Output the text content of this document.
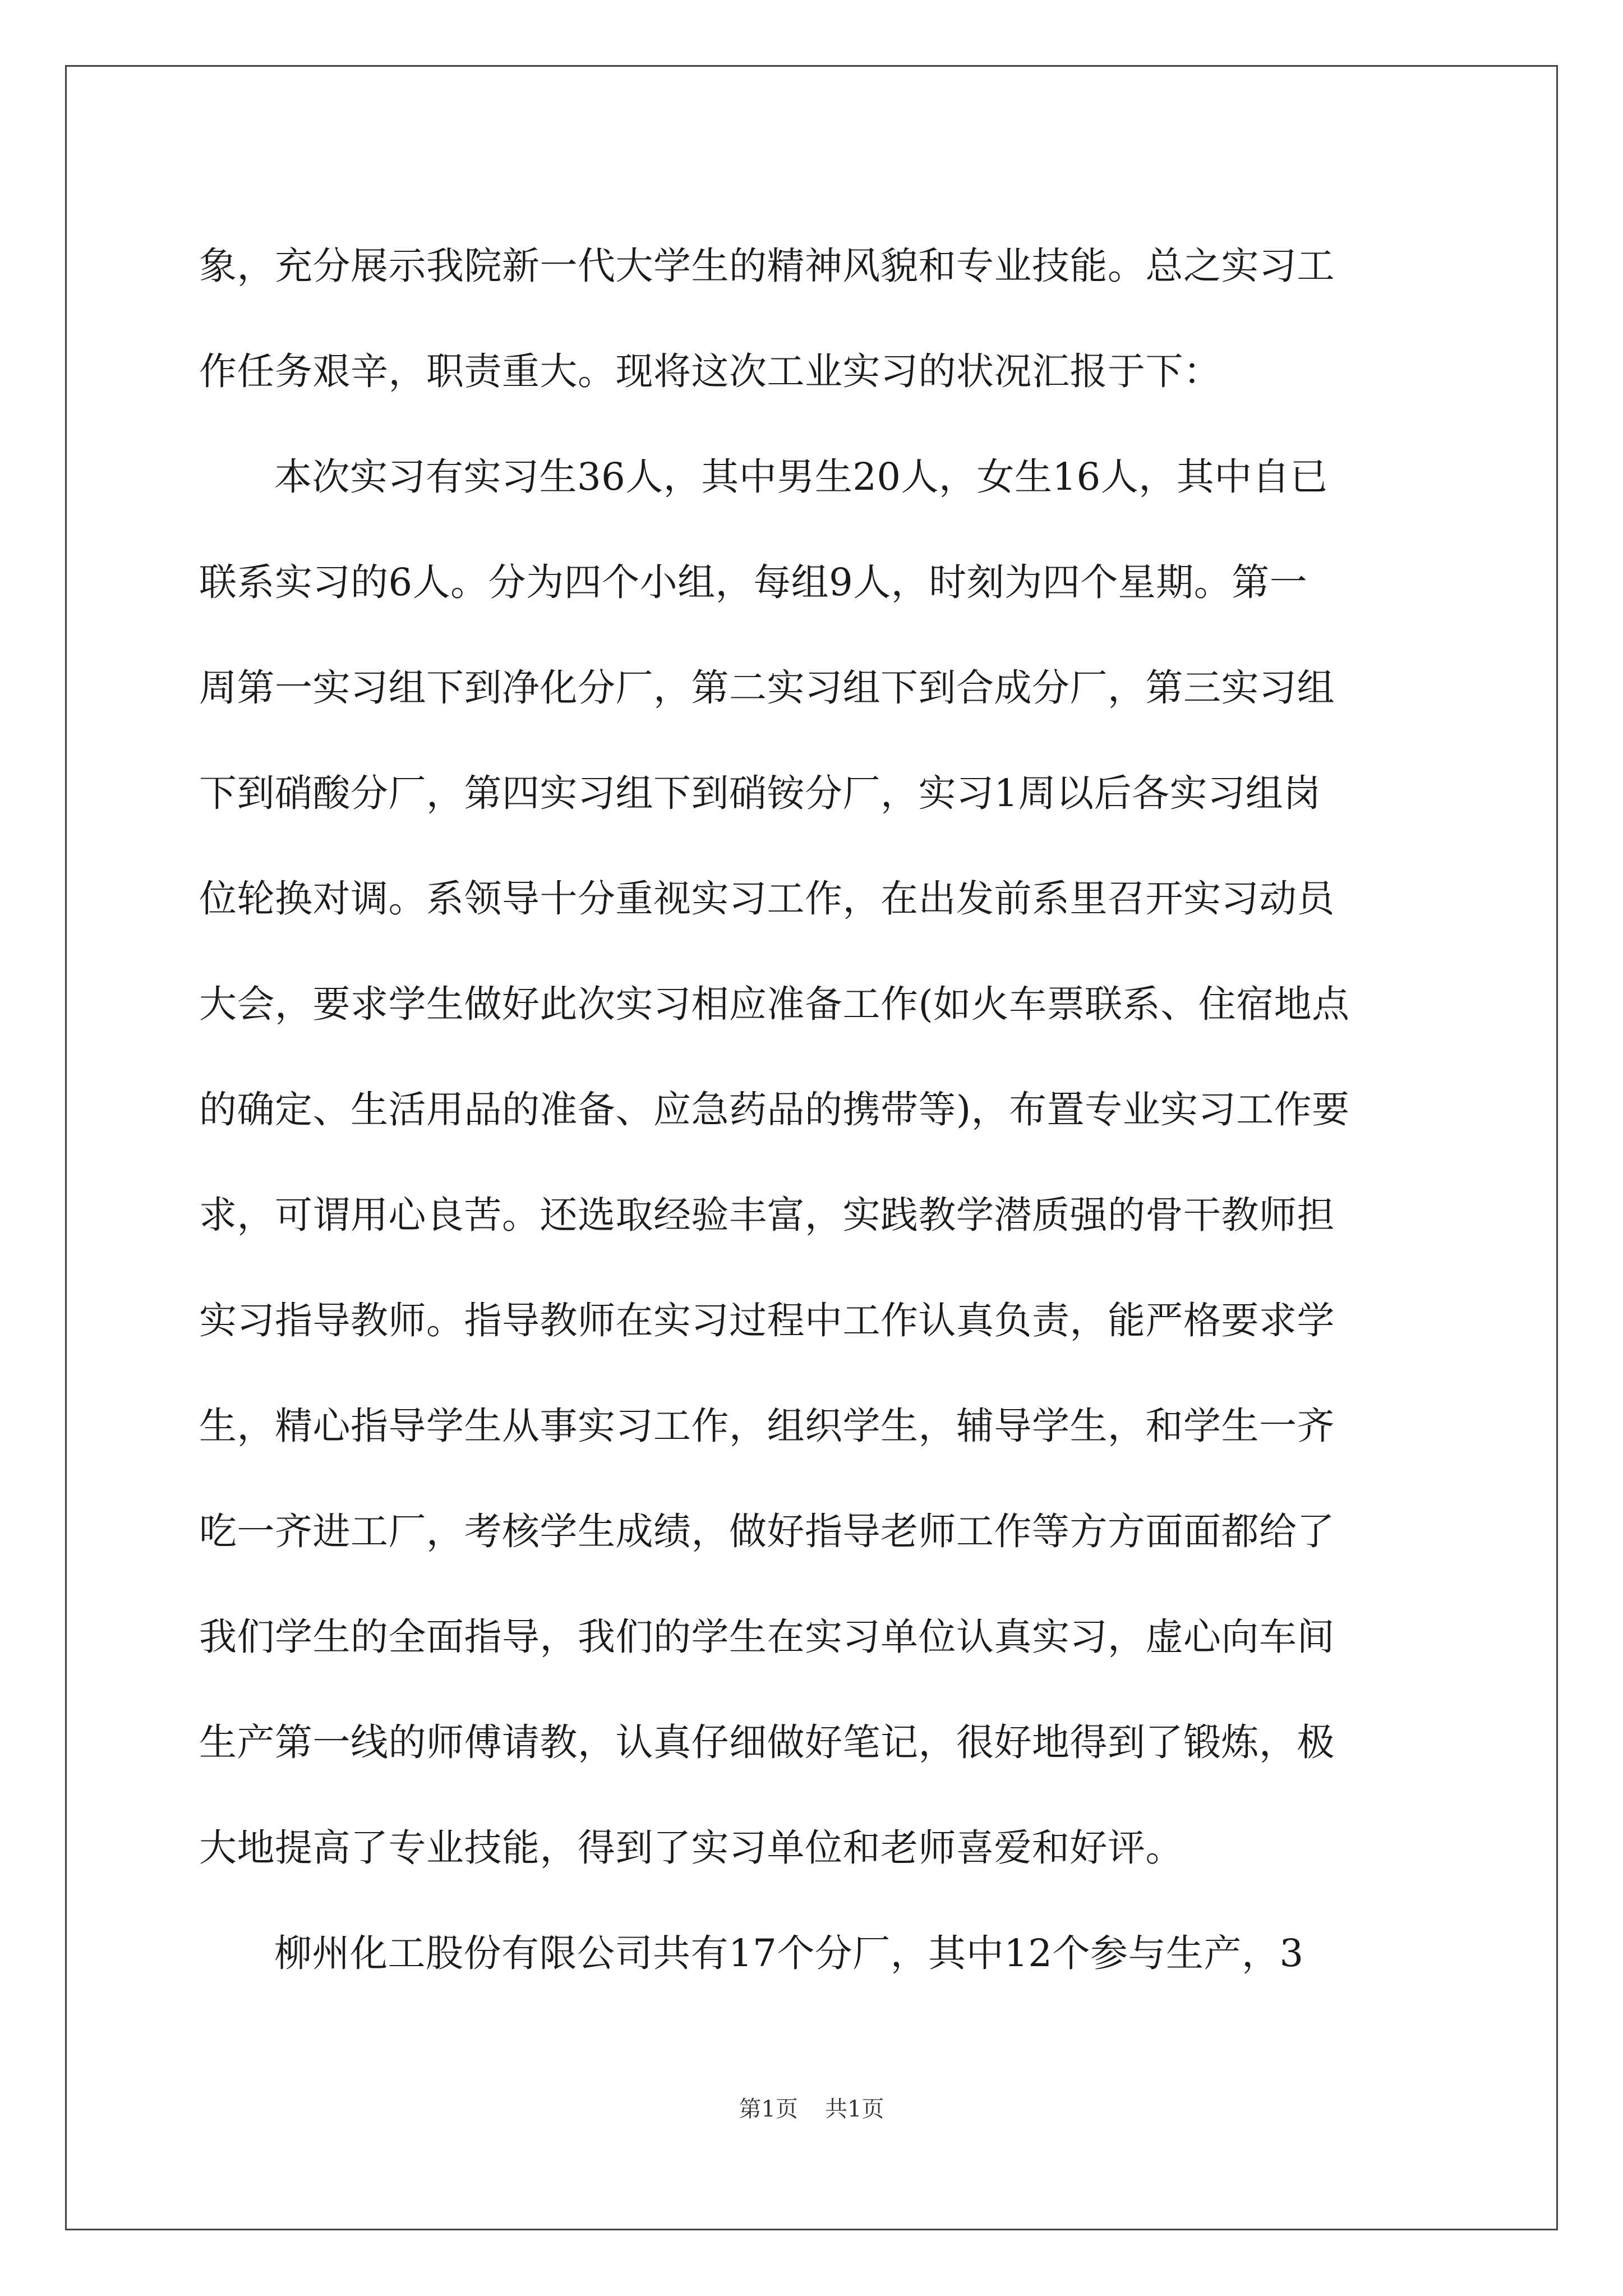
象，充分展示我院新一代大学生的精神风貌和专业技能。总之实习工
作任务艰辛，职责重大。现将这次工业实习的状况汇报于下：
本次实习有实习生36人，其中男生20人，女生16人，其中自已
联系实习的6人。分为四个小组，每组9人，时刻为四个星期。第一
周第一实习组下到净化分厂，第二实习组下到合成分厂，第三实习组
下到硝酸分厂，第四实习组下到硝铵分厂，实习1周以后各实习组岗
位轮换对调。系领导十分重视实习工作，在出发前系里召开实习动员
大会，要求学生做好此次实习相应准备工作(如火车票联系、住宿地点
的确定、生活用品的准备、应急药品的携带等)，布置专业实习工作要
求，可谓用心良苦。还选取经验丰富，实践教学潜质强的骨干教师担
实习指导教师。指导教师在实习过程中工作认真负责，能严格要求学
生，精心指导学生从事实习工作，组织学生，辅导学生，和学生一齐
吃一齐进工厂，考核学生成绩，做好指导老师工作等方方面面都给了
我们学生的全面指导，我们的学生在实习单位认真实习，虚心向车间
生产第一线的师傅请教，认真仔细做好笔记，很好地得到了锻炼，极
大地提高了专业技能，得到了实习单位和老师喜爱和好评。
柳州化工股份有限公司共有17个分厂，其中12个参与生产，3
第1页 共1页
